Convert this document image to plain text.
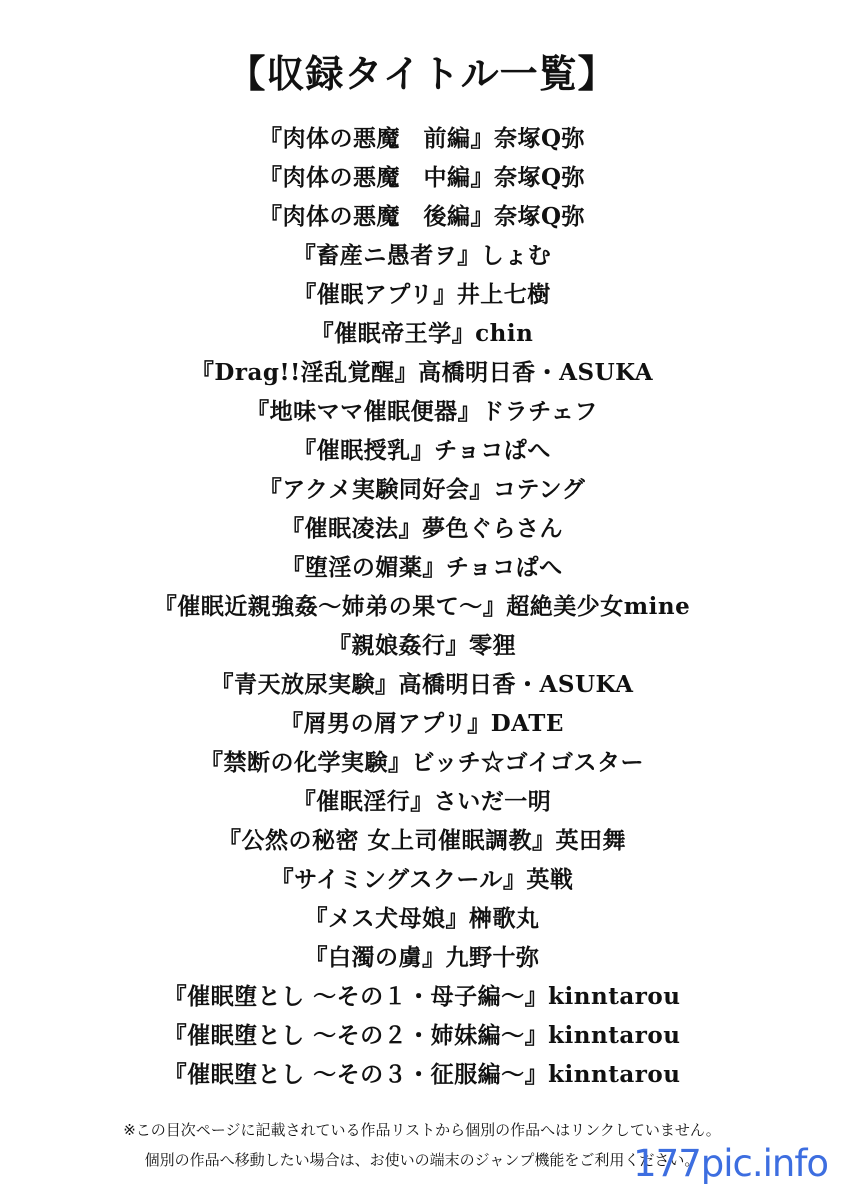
【収録タイトル一覧】
『肉体の悪魔　前編』奈塚Q弥
『肉体の悪魔　中編』奈塚Q弥
『肉体の悪魔　後編』奈塚Q弥
『畜産ニ愚者ヲ』しょむ
『催眠アプリ』井上七樹
『催眠帝王学』chin
『Drag!!淫乱覚醒』高橋明日香・ASUKA
『地味ママ催眠便器』ドラチェフ
『催眠授乳』チョコぱへ
『アクメ実験同好会』コテング
『催眠凌法』夢色ぐらさん
『堕淫の媚薬』チョコぱへ
『催眠近親強姦～姉弟の果て～』超絶美少女mine
『親娘姦行』零狸
『青天放尿実験』高橋明日香・ASUKA
『屑男の屑アプリ』DATE
『禁断の化学実験』ビッチ☆ゴイゴスター
『催眠淫行』さいだ一明
『公然の秘密 女上司催眠調教』英田舞
『サイミングスクール』英戦
『メス犬母娘』榊歌丸
『白濁の虜』九野十弥
『催眠堕とし ～その１・母子編～』kinntarou
『催眠堕とし ～その２・姉妹編～』kinntarou
『催眠堕とし ～その３・征服編～』kinntarou
※この目次ページに記載されている作品リストから個別の作品へはリンクしていません。
個別の作品へ移動したい場合は、お使いの端末のジャンプ機能をご利用ください。
177pic.info
